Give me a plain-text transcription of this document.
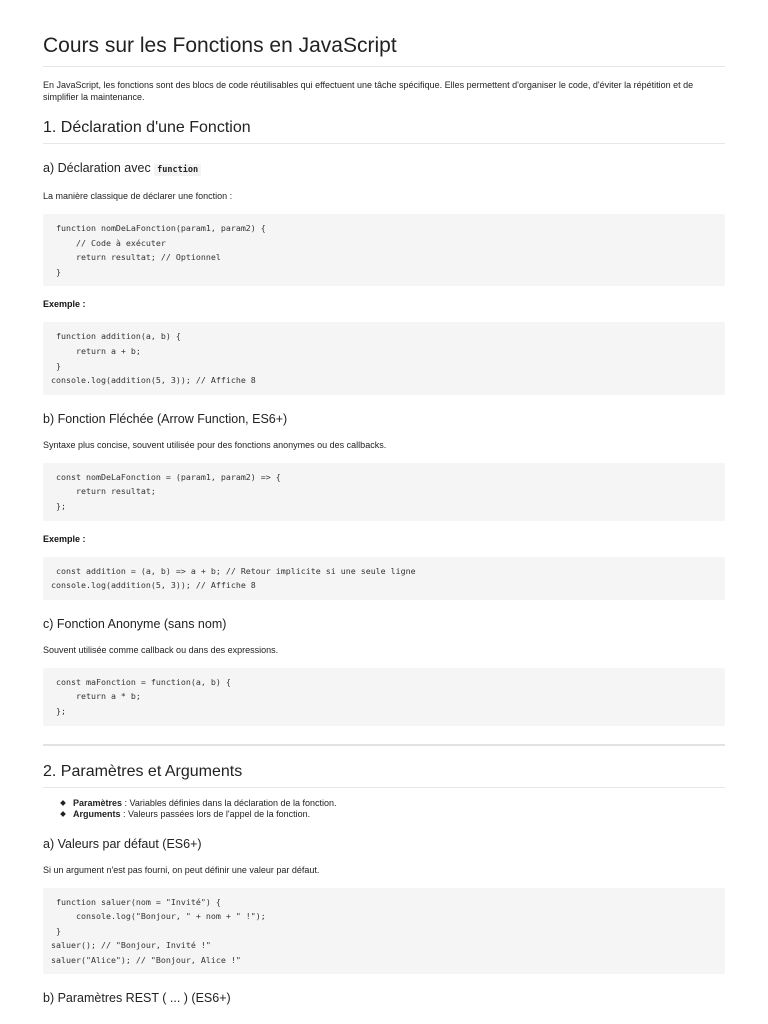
Cours sur les Fonctions en JavaScript

En JavaScript, les fonctions sont des blocs de code réutilisables qui effectuent une tâche spécifique. Elles permettent d'organiser le code, d'éviter la répétition et de simplifier la maintenance.

1. Déclaration d'une Fonction
a) Déclaration avec function

La manière classique de déclarer une fonction :

function nomDeLaFonction(param1, param2) {
// Code à exécuter
return resultat; // Optionnel
}

Exemple :

function addition(a, b) {
return a + b;
}
console.log(addition(5, 3)); // Affiche 8
b) Fonction Fléchée (Arrow Function, ES6+)

Syntaxe plus concise, souvent utilisée pour des fonctions anonymes ou des callbacks.

const nomDeLaFonction = (param1, param2) => {
return resultat;
};

Exemple :

const addition = (a, b) => a + b; // Retour implicite si une seule ligne
console.log(addition(5, 3)); // Affiche 8
c) Fonction Anonyme (sans nom)

Souvent utilisée comme callback ou dans des expressions.

const maFonction = function(a, b) {
return a * b;
};
2. Paramètres et Arguments
Paramètres : Variables définies dans la déclaration de la fonction.
Arguments : Valeurs passées lors de l'appel de la fonction.
a) Valeurs par défaut (ES6+)

Si un argument n'est pas fourni, on peut définir une valeur par défaut.

function saluer(nom = "Invité") {
console.log("Bonjour, " + nom + " !");
}
saluer(); // "Bonjour, Invité !"
saluer("Alice"); // "Bonjour, Alice !"
b) Paramètres REST ( ... ) (ES6+)
